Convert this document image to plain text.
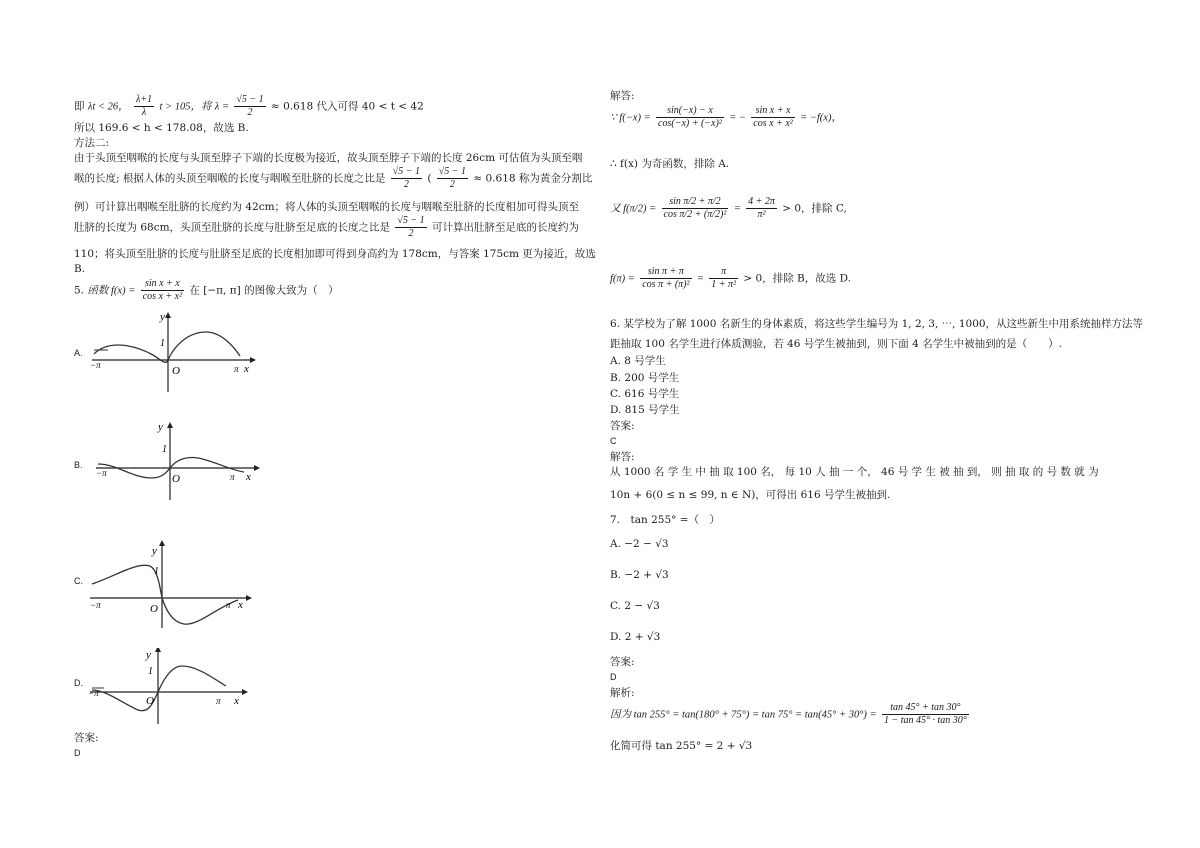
即 λt < 26， $\frac{\lambda+1}{\lambda}$ t > 105，将 $\lambda = \frac{√5 - 1}{2} \approx 0.618$ 代入可得 40 < t < 42
所以 169.6 < h < 178.08，故选 B.
方法二:
由于头顶至咽喉的长度与头顶至脖子下端的长度极为接近，故头顶至脖子下端的长度 26cm 可估值为头顶至咽
喉的长度; 根据人体的头顶至咽喉的长度与咽喉至肚脐的长度之比是 $\frac{√5 - 1}{2}$ ( $\frac{√5 - 1}{2} \approx 0.618$ 称为黄金分割比
例）可计算出咽喉至肚脐的长度约为 42cm；将人体的头顶至咽喉的长度与咽喉至肚脐的长度相加可得头顶至
肚脐的长度为 68cm，头顶至肚脐的长度与肚脐至足底的长度之比是 $\frac{√5 - 1}{2}$ 可计算出肚脐至足底的长度约为
110；将头顶至肚脐的长度与肚脐至足底的长度相加即可得到身高约为 178cm，与答案 175cm 更为接近，故选
B.
5. 函数 $f(x) = \frac{\text{sin x + x}}{\text{cos x + x²}}$ 在 [−π, π] 的图像大致为（　）
A.
y
x
O
1
−π	π
B.
y
x
O
1
−π	π
C.
y
x
O
1
−π	π
D.
y
x
O
1
−π
π
答案:
D
解答:
∵ $f(-x) = \frac{\sin(-x) - x}{\text{cos(−x) + (−x)²}}$ = − $\frac{\text{sin x + x}}{\text{cos x + x²}} = -f(x)$，
∴ f(x) 为奇函数，排除 A.
又 $f(\pi/2) = \frac{\text{sin π/2 + π/2}}{\text{cos π/2 + (π/2)²}} = \frac{4 + 2\pi}{\text{π²}} > 0$，排除 C,
$f(\pi) = \frac{\text{sin π + π}}{\text{cos π + (π)²}} = \frac{\pi}{\text{1 + π²}} > 0$，排除 B，故选 D.
6. 某学校为了解 1000 名新生的身体素质，将这些学生编号为 1, 2, 3, ⋯, 1000，从这些新生中用系统抽样方法等
距抽取 100 名学生进行体质测验，若 46 号学生被抽到，则下面 4 名学生中被抽到的是（　　）.
A. 8 号学生
B. 200 号学生
C. 616 号学生
D. 815 号学生
答案:
C
解答:
从 1000 名 学 生 中 抽 取 100 名， 每 10 人 抽 一 个， 46 号 学 生 被 抽 到， 则 抽 取 的 号 数 就 为
10n + 6(0 ≤ n ≤ 99, n ∈ N)，可得出 616 号学生被抽到.
7.　tan 255° =（　）
A. −2 − √3
B. −2 + √3
C. 2 − √3
D. 2 + √3
答案:
D
解析:
因为 $\tan 255^\circ = \tan(180^\circ + 75^\circ) = \tan 75^\circ = \tan(45^\circ + 30^\circ) = \frac{\tan 45^\circ + \tan 30^\circ}{1 - \tan 45^\circ \cdot \tan 30^\circ}$
化简可得 tan 255° = 2 + √3
